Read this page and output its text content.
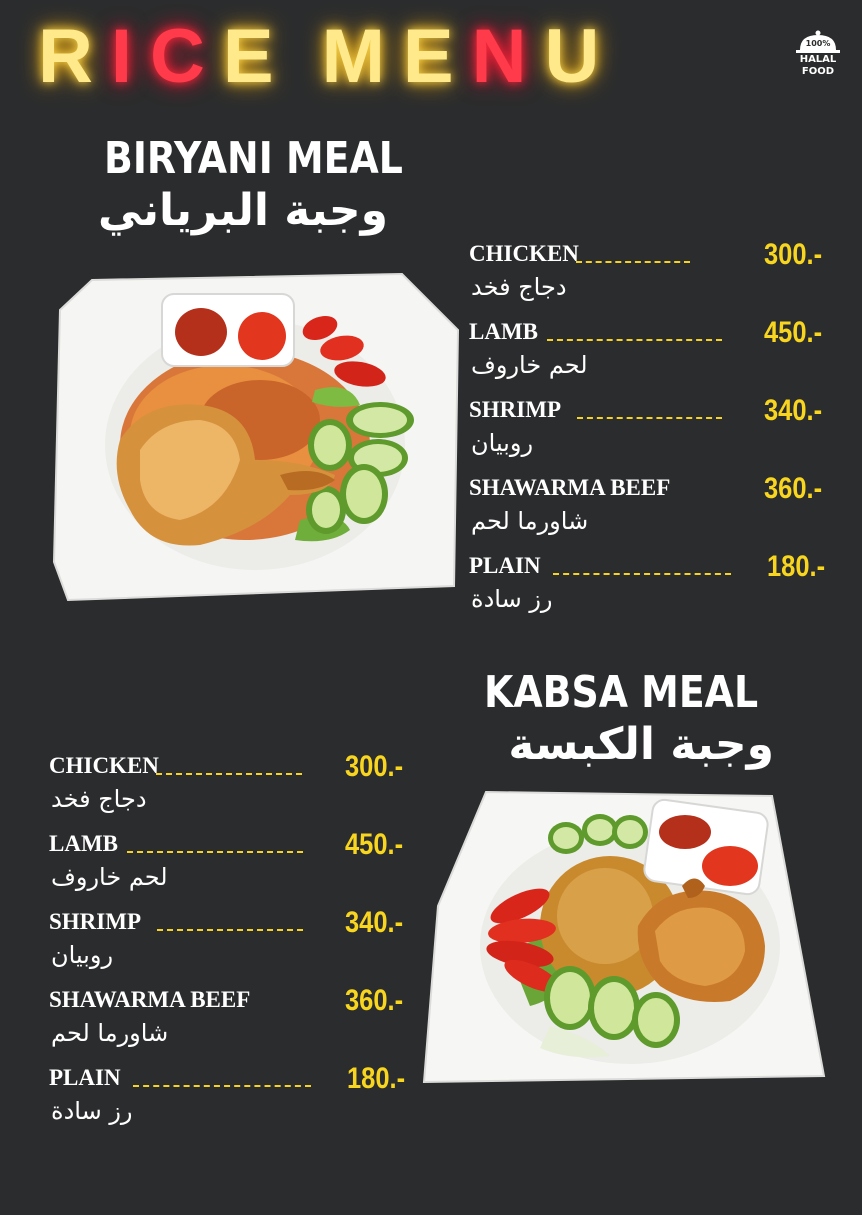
RICE MENU	100%
HALAL
FOOD
BIRYANI MEAL
وجبة البرياني
CHICKEN	300.-
دجاج فخد
LAMB	450.-
لحم خاروف
SHRIMP	340.-
روبيان
SHAWARMA BEEF	360.-
شاورما لحم
PLAIN	180.-
رز سادة
KABSA MEAL
وجبة الكبسة
CHICKEN	300.-
دجاج فخد
LAMB	450.-
لحم خاروف
SHRIMP	340.-
روبيان
SHAWARMA BEEF	360.-
شاورما لحم
PLAIN	180.-
رز سادة
